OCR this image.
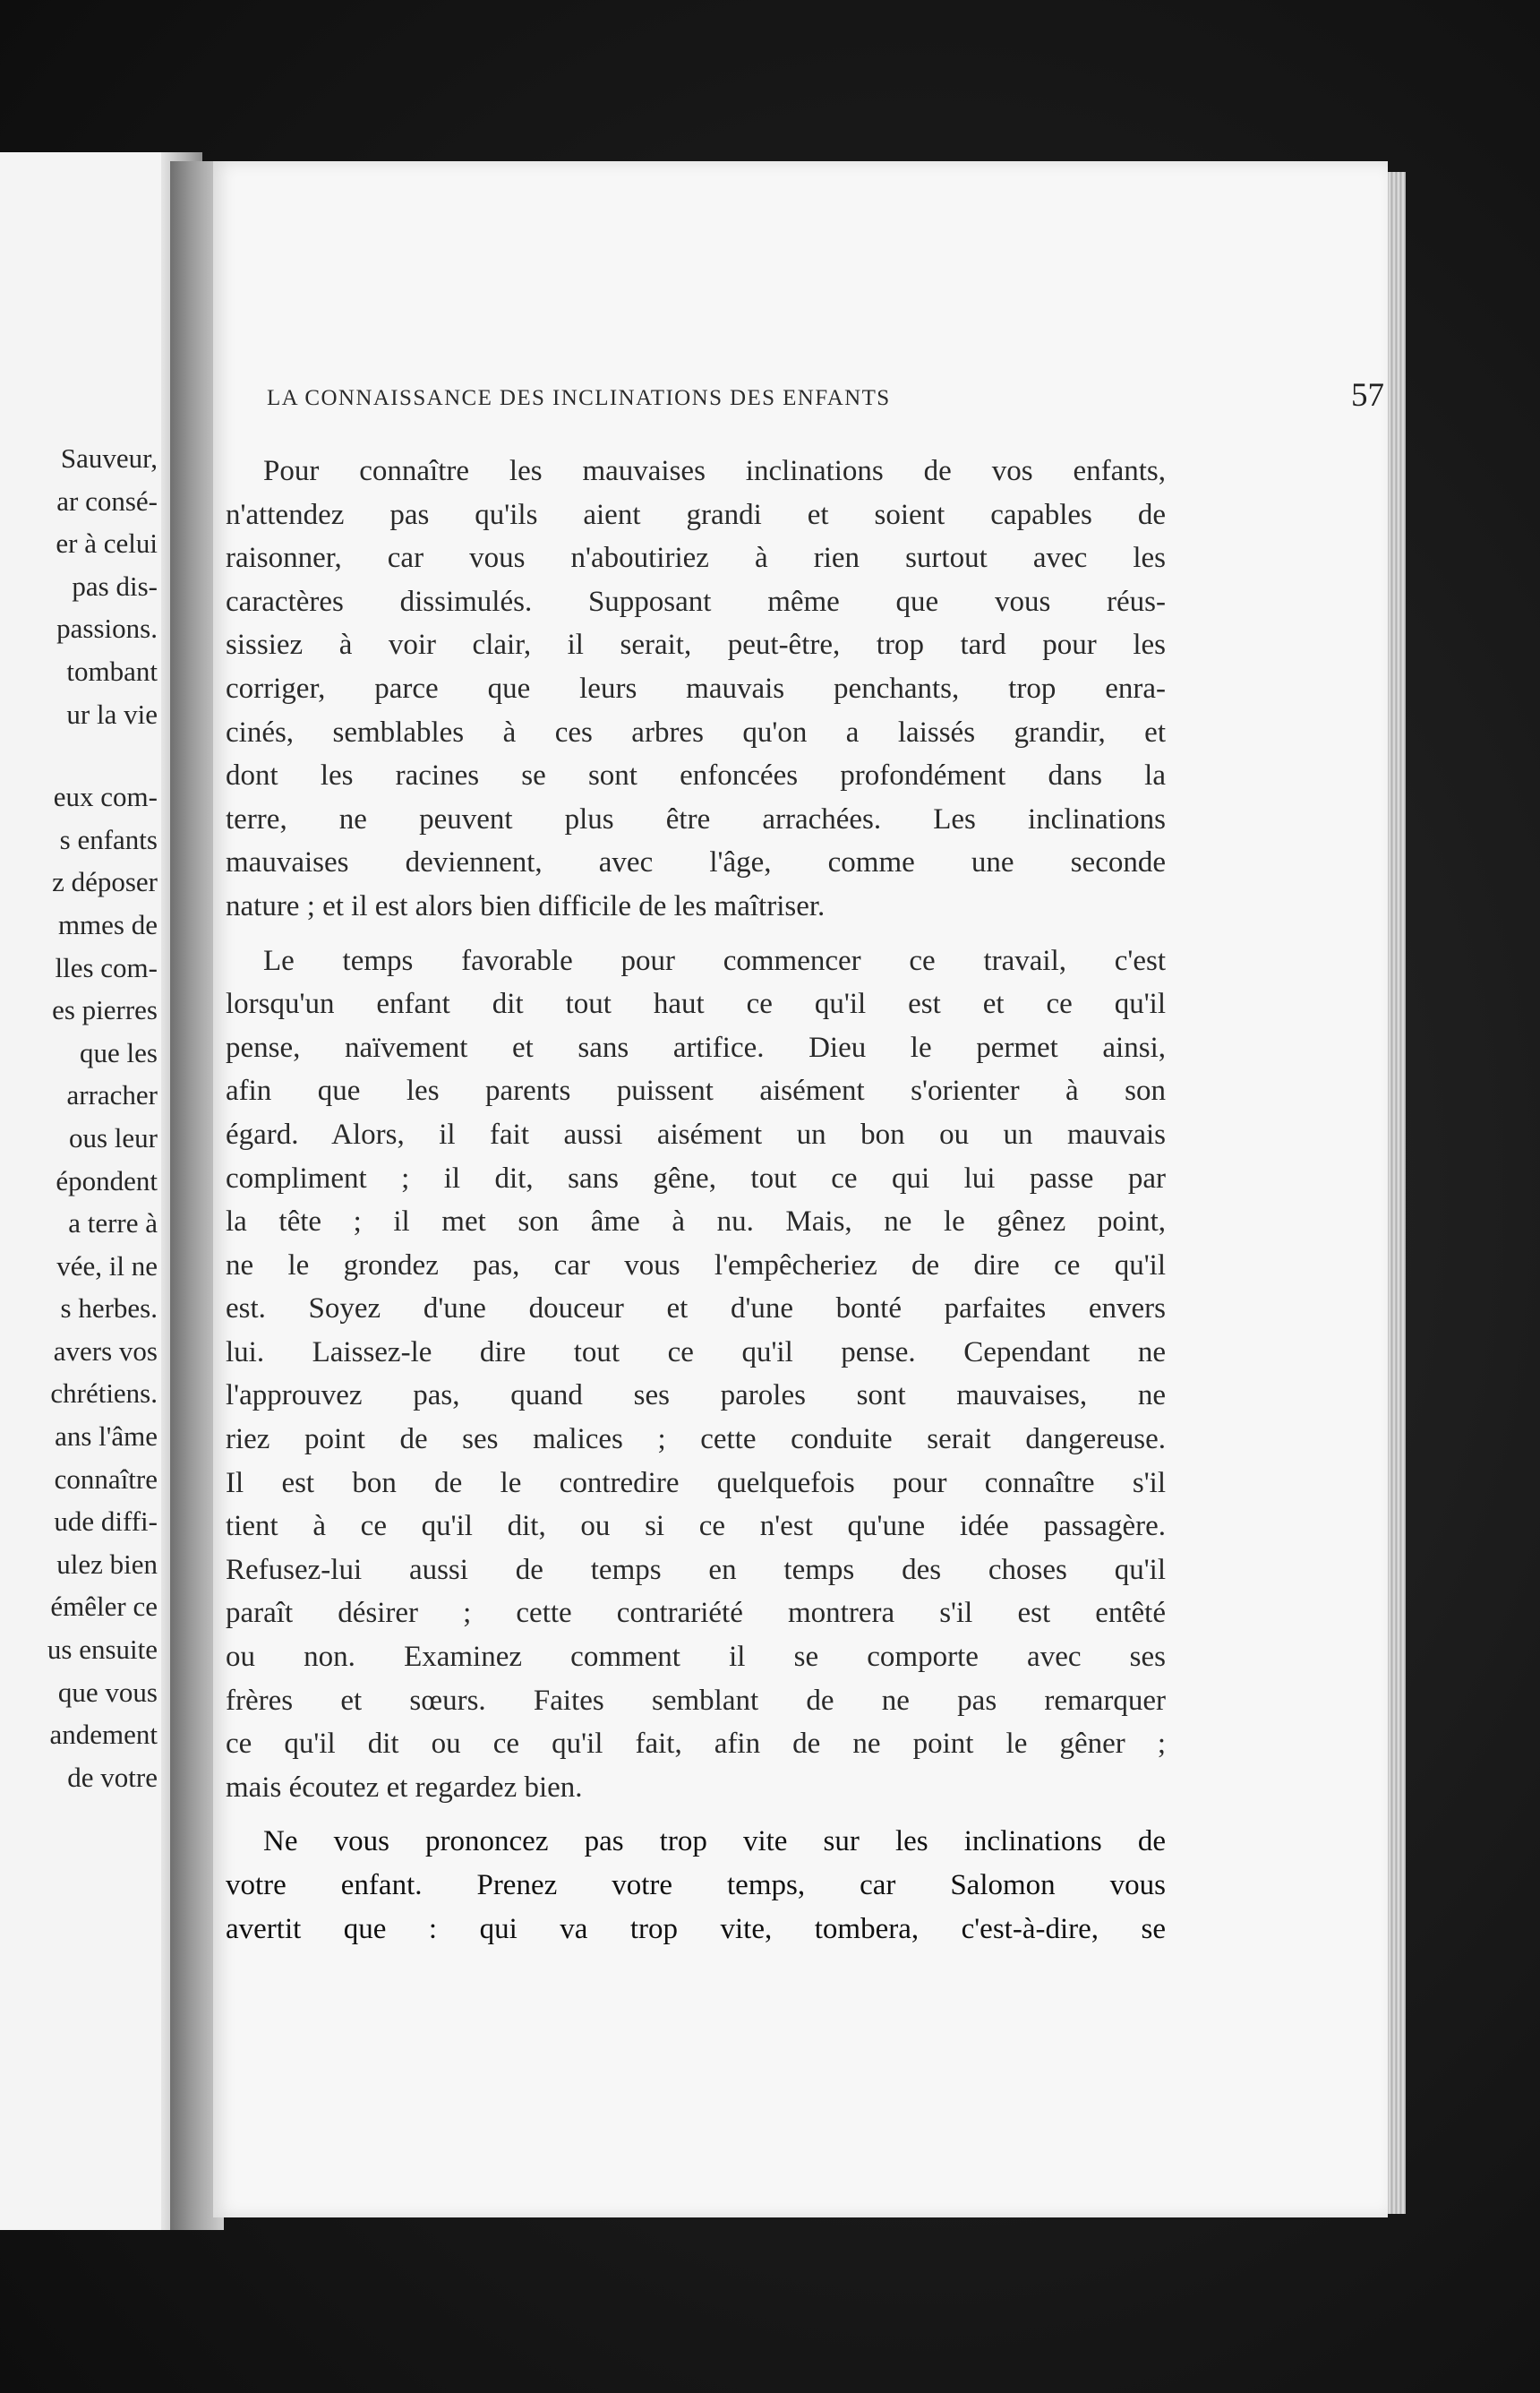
Sauveur,
ar consé-
er à celui
pas dis-
passions.
tombant
ur la vie
eux com-
s enfants
z déposer
mmes de
lles com-
es pierres
que les
arracher
ous leur
épondent
a terre à
vée, il ne
s herbes.
avers vos
chrétiens.
ans l'âme
connaître
ude diffi-
ulez bien
émêler ce
us ensuite
que vous
andement
de votre
LA CONNAISSANCE DES INCLINATIONS DES ENFANTS	57
Pour connaître les mauvaises inclinations de vos enfants,
n'attendez pas qu'ils aient grandi et soient capables de
raisonner, car vous n'aboutiriez à rien surtout avec les
caractères dissimulés. Supposant même que vous réus-
sissiez à voir clair, il serait, peut-être, trop tard pour les
corriger, parce que leurs mauvais penchants, trop enra-
cinés, semblables à ces arbres qu'on a laissés grandir, et
dont les racines se sont enfoncées profondément dans la
terre, ne peuvent plus être arrachées. Les inclinations
mauvaises deviennent, avec l'âge, comme une seconde
nature ; et il est alors bien difficile de les maîtriser.
Le temps favorable pour commencer ce travail, c'est
lorsqu'un enfant dit tout haut ce qu'il est et ce qu'il
pense, naïvement et sans artifice. Dieu le permet ainsi,
afin que les parents puissent aisément s'orienter à son
égard. Alors, il fait aussi aisément un bon ou un mauvais
compliment ; il dit, sans gêne, tout ce qui lui passe par
la tête ; il met son âme à nu. Mais, ne le gênez point,
ne le grondez pas, car vous l'empêcheriez de dire ce qu'il
est. Soyez d'une douceur et d'une bonté parfaites envers
lui. Laissez-le dire tout ce qu'il pense. Cependant ne
l'approuvez pas, quand ses paroles sont mauvaises, ne
riez point de ses malices ; cette conduite serait dangereuse.
Il est bon de le contredire quelquefois pour connaître s'il
tient à ce qu'il dit, ou si ce n'est qu'une idée passagère.
Refusez-lui aussi de temps en temps des choses qu'il
paraît désirer ; cette contrariété montrera s'il est entêté
ou non. Examinez comment il se comporte avec ses
frères et sœurs. Faites semblant de ne pas remarquer
ce qu'il dit ou ce qu'il fait, afin de ne point le gêner ;
mais écoutez et regardez bien.
Ne vous prononcez pas trop vite sur les inclinations de
votre enfant. Prenez votre temps, car Salomon vous
avertit que : qui va trop vite, tombera, c'est-à-dire, se
